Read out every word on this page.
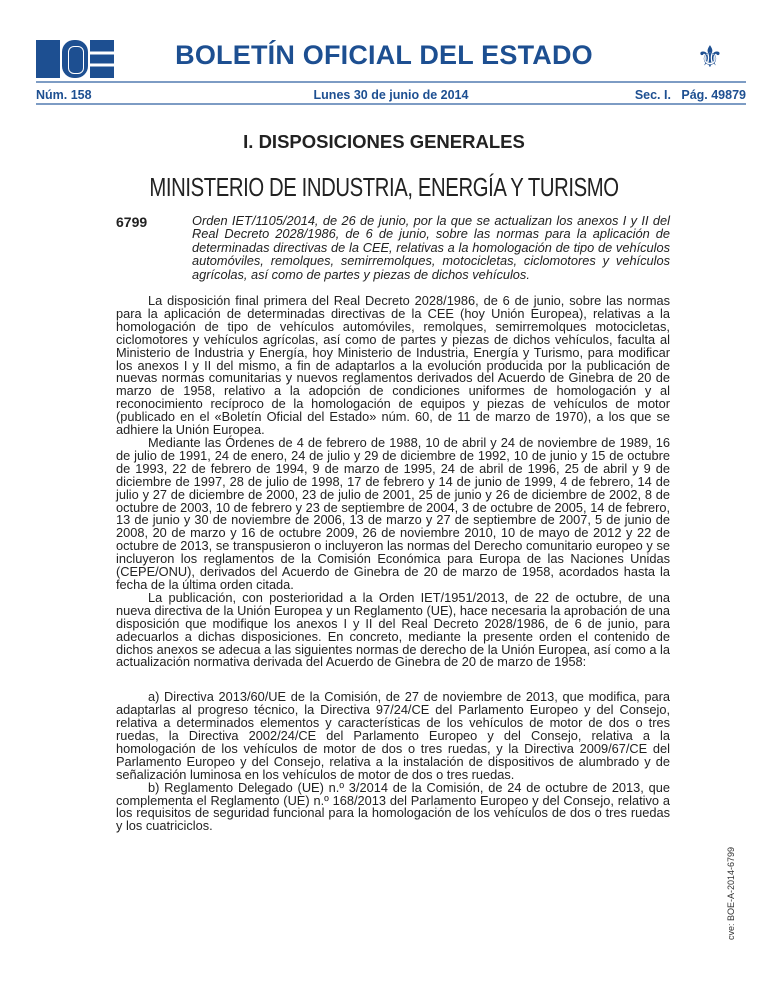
BOLETÍN OFICIAL DEL ESTADO	⚜
Núm. 158	Lunes 30 de junio de 2014	Sec. I.   Pág. 49879
I. DISPOSICIONES GENERALES
MINISTERIO DE INDUSTRIA, ENERGÍA Y TURISMO
6799	Orden IET/1105/2014, de 26 de junio, por la que se actualizan los anexos I y II del Real Decreto 2028/1986, de 6 de junio, sobre las normas para la aplicación de determinadas directivas de la CEE, relativas a la homologación de tipo de vehículos automóviles, remolques, semirremolques, motocicletas, ciclomotores y vehículos agrícolas, así como de partes y piezas de dichos vehículos.

La disposición final primera del Real Decreto 2028/1986, de 6 de junio, sobre las normas para la aplicación de determinadas directivas de la CEE (hoy Unión Europea), relativas a la homologación de tipo de vehículos automóviles, remolques, semirremolques motocicletas, ciclomotores y vehículos agrícolas, así como de partes y piezas de dichos vehículos, faculta al Ministerio de Industria y Energía, hoy Ministerio de Industria, Energía y Turismo, para modificar los anexos I y II del mismo, a fin de adaptarlos a la evolución producida por la publicación de nuevas normas comunitarias y nuevos reglamentos derivados del Acuerdo de Ginebra de 20 de marzo de 1958, relativo a la adopción de condiciones uniformes de homologación y al reconocimiento recíproco de la homologación de equipos y piezas de vehículos de motor (publicado en el «Boletín Oficial del Estado» núm. 60, de 11 de marzo de 1970), a los que se adhiere la Unión Europea.

Mediante las Órdenes de 4 de febrero de 1988, 10 de abril y 24 de noviembre de 1989, 16 de julio de 1991, 24 de enero, 24 de julio y 29 de diciembre de 1992, 10 de junio y 15 de octubre de 1993, 22 de febrero de 1994, 9 de marzo de 1995, 24 de abril de 1996, 25 de abril y 9 de diciembre de 1997, 28 de julio de 1998, 17 de febrero y 14 de junio de 1999, 4 de febrero, 14 de julio y 27 de diciembre de 2000, 23 de julio de 2001, 25 de junio y 26 de diciembre de 2002, 8 de octubre de 2003, 10 de febrero y 23 de septiembre de 2004, 3 de octubre de 2005, 14 de febrero, 13 de junio y 30 de noviembre de 2006, 13 de marzo y 27 de septiembre de 2007, 5 de junio de 2008, 20 de marzo y 16 de octubre 2009, 26 de noviembre 2010, 10 de mayo de 2012 y 22 de octubre de 2013, se transpusieron o incluyeron las normas del Derecho comunitario europeo y se incluyeron los reglamentos de la Comisión Económica para Europa de las Naciones Unidas (CEPE/ONU), derivados del Acuerdo de Ginebra de 20 de marzo de 1958, acordados hasta la fecha de la última orden citada.

La publicación, con posterioridad a la Orden IET/1951/2013, de 22 de octubre, de una nueva directiva de la Unión Europea y un Reglamento (UE), hace necesaria la aprobación de una disposición que modifique los anexos I y II del Real Decreto 2028/1986, de 6 de junio, para adecuarlos a dichas disposiciones. En concreto, mediante la presente orden el contenido de dichos anexos se adecua a las siguientes normas de derecho de la Unión Europea, así como a la actualización normativa derivada del Acuerdo de Ginebra de 20 de marzo de 1958:

a) Directiva 2013/60/UE de la Comisión, de 27 de noviembre de 2013, que modifica, para adaptarlas al progreso técnico, la Directiva 97/24/CE del Parlamento Europeo y del Consejo, relativa a determinados elementos y características de los vehículos de motor de dos o tres ruedas, la Directiva 2002/24/CE del Parlamento Europeo y del Consejo, relativa a la homologación de los vehículos de motor de dos o tres ruedas, y la Directiva 2009/67/CE del Parlamento Europeo y del Consejo, relativa a la instalación de dispositivos de alumbrado y de señalización luminosa en los vehículos de motor de dos o tres ruedas.

b) Reglamento Delegado (UE) n.º 3/2014 de la Comisión, de 24 de octubre de 2013, que complementa el Reglamento (UE) n.º 168/2013 del Parlamento Europeo y del Consejo, relativo a los requisitos de seguridad funcional para la homologación de los vehículos de dos o tres ruedas y los cuatriciclos.

cve: BOE-A-2014-6799
